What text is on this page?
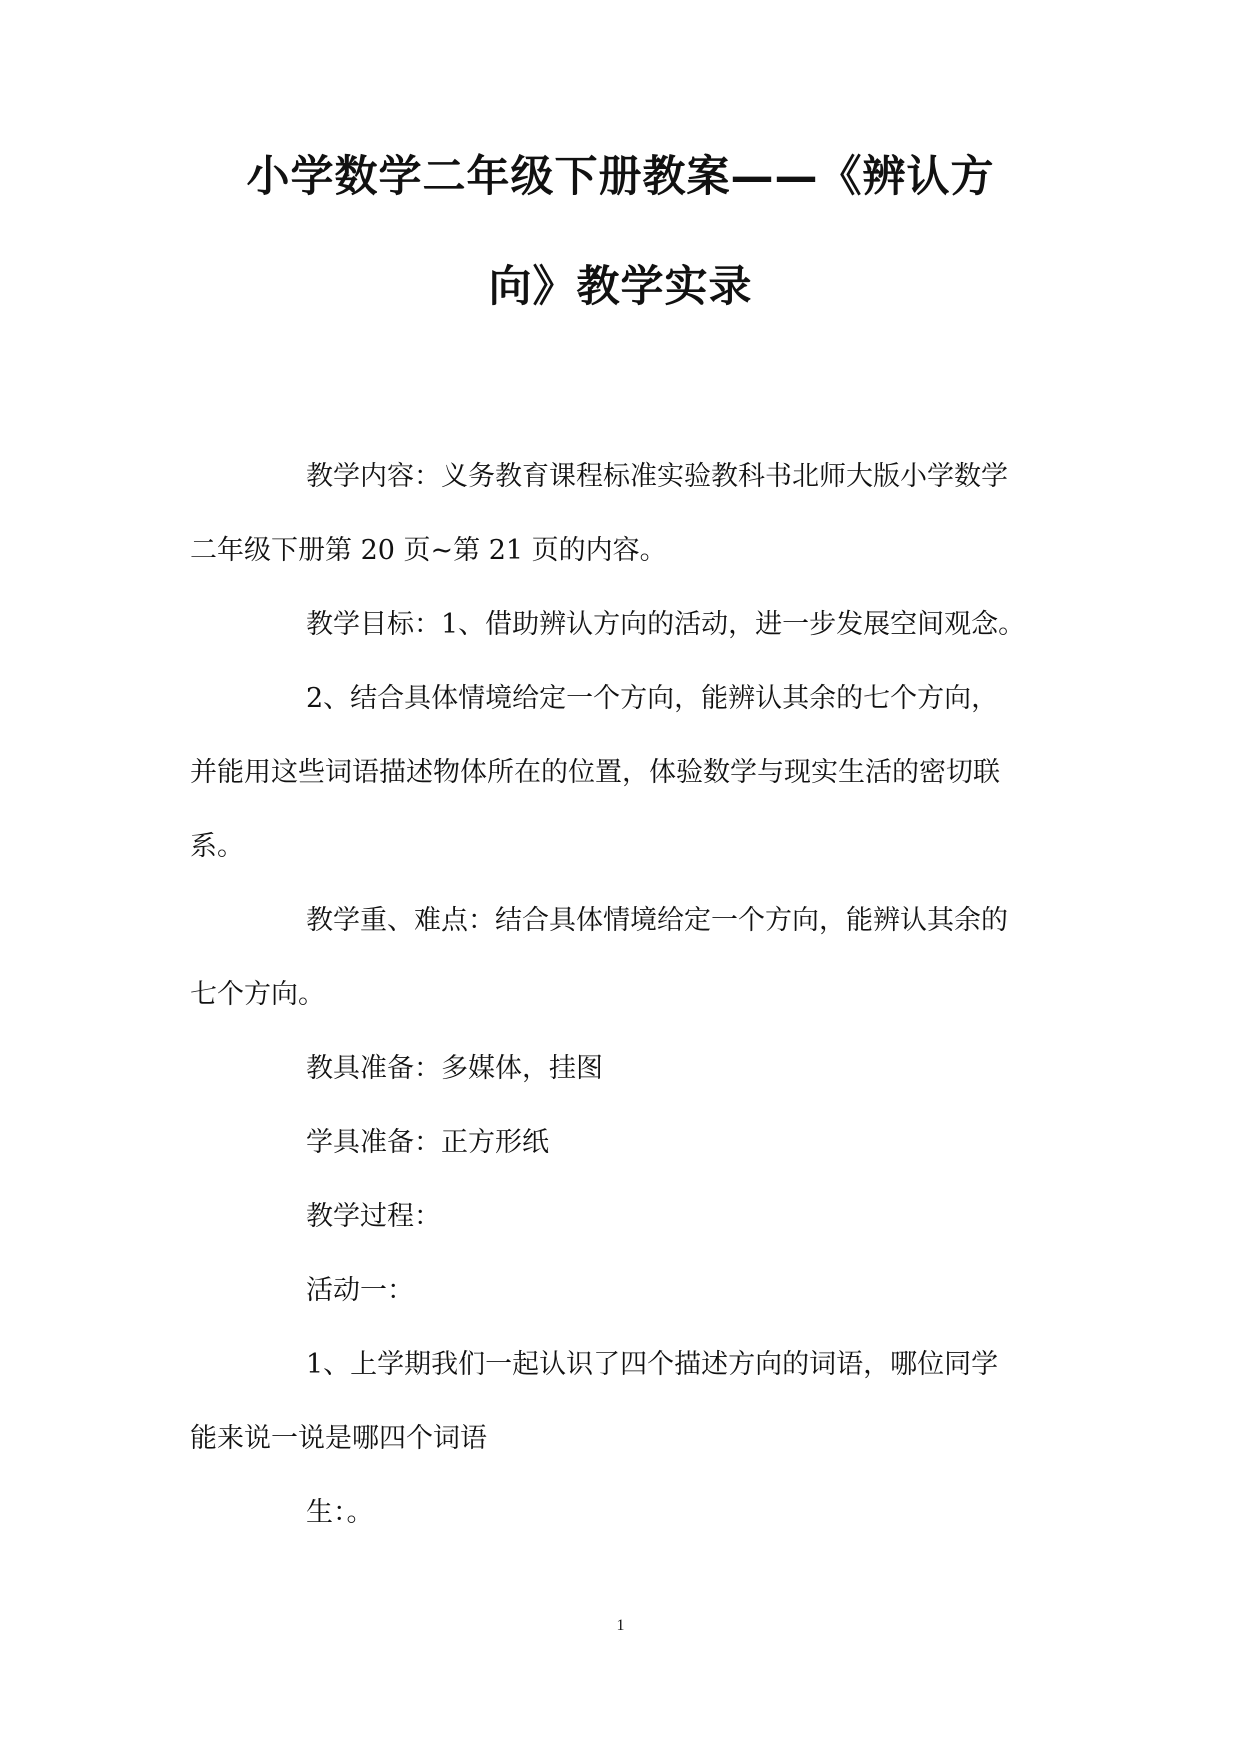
小学数学二年级下册教案——《辨认方
向》教学实录
教学内容：义务教育课程标准实验教科书北师大版小学数学
二年级下册第 20 页~第 21 页的内容。
教学目标：1、借助辨认方向的活动，进一步发展空间观念。
2、结合具体情境给定一个方向，能辨认其余的七个方向，
并能用这些词语描述物体所在的位置，体验数学与现实生活的密切联
系。
教学重、难点：结合具体情境给定一个方向，能辨认其余的
七个方向。
教具准备：多媒体，挂图
学具准备：正方形纸
教学过程：
活动一：
1、上学期我们一起认识了四个描述方向的词语，哪位同学
能来说一说是哪四个词语
生：。
1
